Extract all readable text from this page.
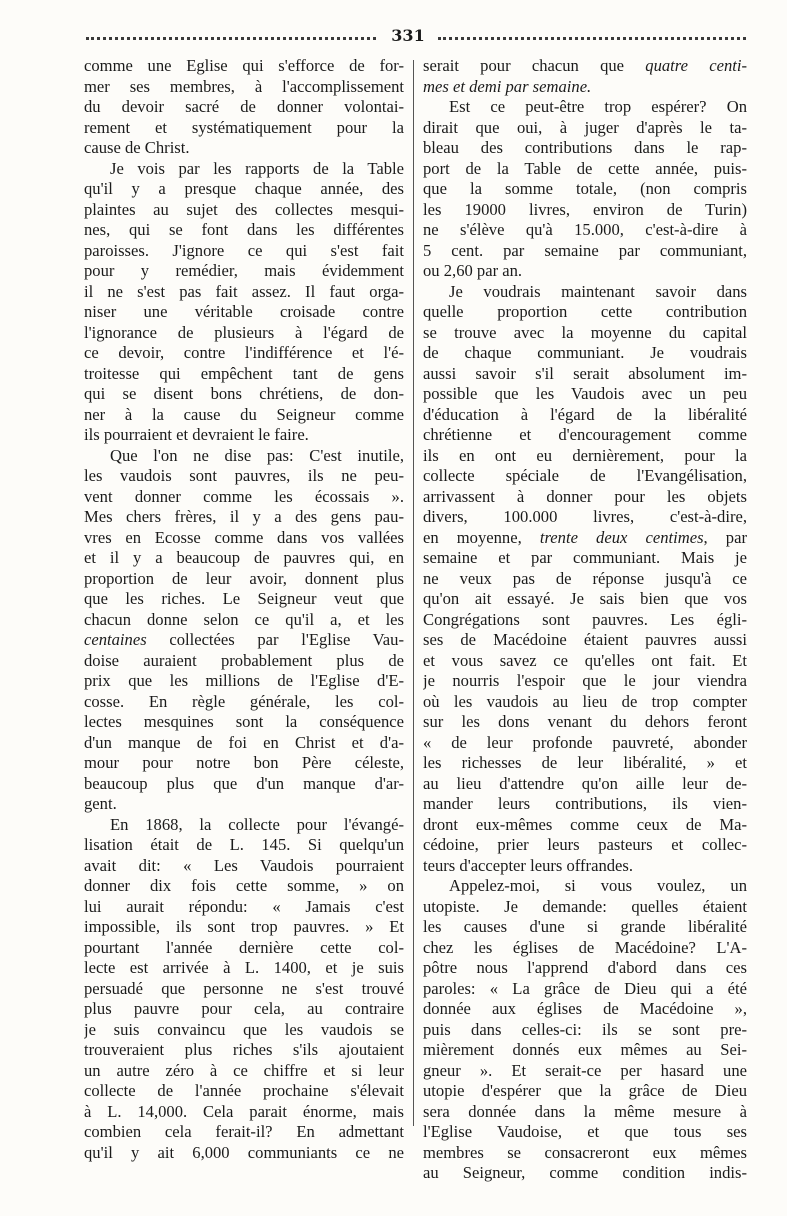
331
comme une Eglise qui s'efforce de for-
mer ses membres, à l'accomplissement
du devoir sacré de donner volontai-
rement et systématiquement pour la
cause de Christ.
Je vois par les rapports de la Table
qu'il y a presque chaque année, des
plaintes au sujet des collectes mesqui-
nes, qui se font dans les différentes
paroisses. J'ignore ce qui s'est fait
pour y remédier, mais évidemment
il ne s'est pas fait assez. Il faut orga-
niser une véritable croisade contre
l'ignorance de plusieurs à l'égard de
ce devoir, contre l'indifférence et l'é-
troitesse qui empêchent tant de gens
qui se disent bons chrétiens, de don-
ner à la cause du Seigneur comme
ils pourraient et devraient le faire.
Que l'on ne dise pas: C'est inutile,
les vaudois sont pauvres, ils ne peu-
vent donner comme les écossais ».
Mes chers frères, il y a des gens pau-
vres en Ecosse comme dans vos vallées
et il y a beaucoup de pauvres qui, en
proportion de leur avoir, donnent plus
que les riches. Le Seigneur veut que
chacun donne selon ce qu'il a, et les
centaines collectées par l'Eglise Vau-
doise auraient probablement plus de
prix que les millions de l'Eglise d'E-
cosse. En règle générale, les col-
lectes mesquines sont la conséquence
d'un manque de foi en Christ et d'a-
mour pour notre bon Père céleste,
beaucoup plus que d'un manque d'ar-
gent.
En 1868, la collecte pour l'évangé-
lisation était de L. 145. Si quelqu'un
avait dit: « Les Vaudois pourraient
donner dix fois cette somme, » on
lui aurait répondu: « Jamais c'est
impossible, ils sont trop pauvres. » Et
pourtant l'année dernière cette col-
lecte est arrivée à L. 1400, et je suis
persuadé que personne ne s'est trouvé
plus pauvre pour cela, au contraire
je suis convaincu que les vaudois se
trouveraient plus riches s'ils ajoutaient
un autre zéro à ce chiffre et si leur
collecte de l'année prochaine s'élevait
à L. 14,000. Cela parait énorme, mais
combien cela ferait-il? En admettant
qu'il y ait 6,000 communiants ce ne
serait pour chacun que quatre centi-
mes et demi par semaine.
Est ce peut-être trop espérer? On
dirait que oui, à juger d'après le ta-
bleau des contributions dans le rap-
port de la Table de cette année, puis-
que la somme totale, (non compris
les 19000 livres, environ de Turin)
ne s'élève qu'à 15.000, c'est-à-dire à
5 cent. par semaine par communiant,
ou 2,60 par an.
Je voudrais maintenant savoir dans
quelle proportion cette contribution
se trouve avec la moyenne du capital
de chaque communiant. Je voudrais
aussi savoir s'il serait absolument im-
possible que les Vaudois avec un peu
d'éducation à l'égard de la libéralité
chrétienne et d'encouragement comme
ils en ont eu dernièrement, pour la
collecte spéciale de l'Evangélisation,
arrivassent à donner pour les objets
divers, 100.000 livres, c'est-à-dire,
en moyenne, trente deux centimes, par
semaine et par communiant. Mais je
ne veux pas de réponse jusqu'à ce
qu'on ait essayé. Je sais bien que vos
Congrégations sont pauvres. Les égli-
ses de Macédoine étaient pauvres aussi
et vous savez ce qu'elles ont fait. Et
je nourris l'espoir que le jour viendra
où les vaudois au lieu de trop compter
sur les dons venant du dehors feront
« de leur profonde pauvreté, abonder
les richesses de leur libéralité, » et
au lieu d'attendre qu'on aille leur de-
mander leurs contributions, ils vien-
dront eux-mêmes comme ceux de Ma-
cédoine, prier leurs pasteurs et collec-
teurs d'accepter leurs offrandes.
Appelez-moi, si vous voulez, un
utopiste. Je demande: quelles étaient
les causes d'une si grande libéralité
chez les églises de Macédoine? L'A-
pôtre nous l'apprend d'abord dans ces
paroles: « La grâce de Dieu qui a été
donnée aux églises de Macédoine »,
puis dans celles-ci: ils se sont pre-
mièrement donnés eux mêmes au Sei-
gneur ». Et serait-ce per hasard une
utopie d'espérer que la grâce de Dieu
sera donnée dans la même mesure à
l'Eglise Vaudoise, et que tous ses
membres se consacreront eux mêmes
au Seigneur, comme condition indis-
